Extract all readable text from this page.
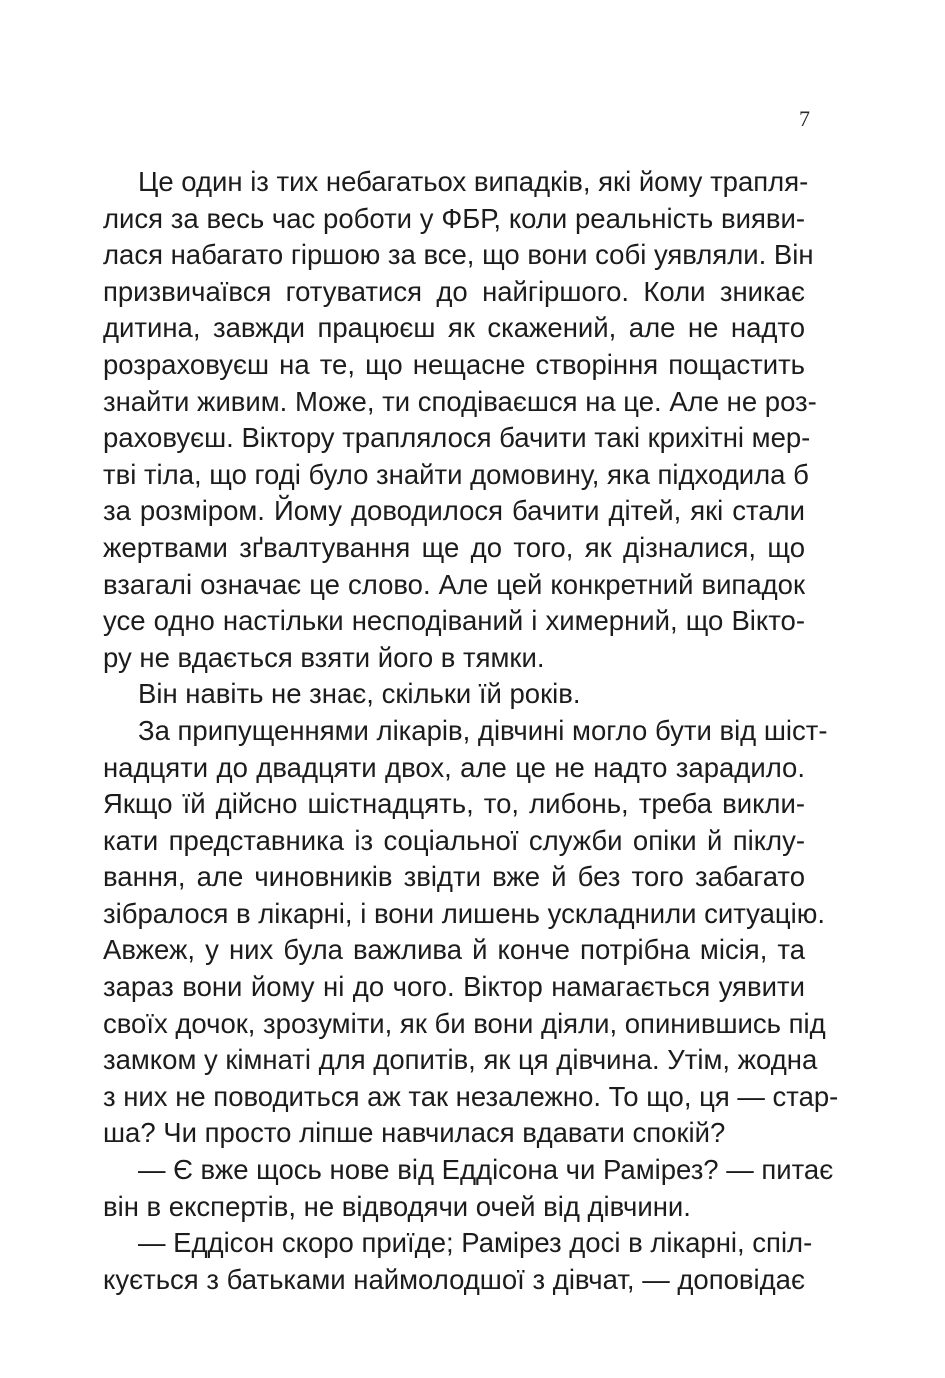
7
Це один із тих небагатьох випадків, які йому трапля-
лися за весь час роботи у ФБР, коли реальність вияви-
лася набагато гіршою за все, що вони собі уявляли. Він
призвичаївся готуватися до найгіршого. Коли зникає
дитина, завжди працюєш як скажений, але не надто
розраховуєш на те, що нещасне створіння пощастить
знайти живим. Може, ти сподіваєшся на це. Але не роз-
раховуєш. Віктору траплялося бачити такі крихітні мер-
тві тіла, що годі було знайти домовину, яка підходила б
за розміром. Йому доводилося бачити дітей, які стали
жертвами зґвалтування ще до того, як дізналися, що
взагалі означає це слово. Але цей конкретний випадок
усе одно настільки несподіваний і химерний, що Вікто-
ру не вдається взяти його в тямки.
Він навіть не знає, скільки їй років.
За припущеннями лікарів, дівчині могло бути від шіст-
надцяти до двадцяти двох, але це не надто зарадило.
Якщо їй дійсно шістнадцять, то, либонь, треба викли-
кати представника із соціальної служби опіки й піклу-
вання, але чиновників звідти вже й без того забагато
зібралося в лікарні, і вони лишень ускладнили ситуацію.
Авжеж, у них була важлива й конче потрібна місія, та
зараз вони йому ні до чого. Віктор намагається уявити
своїх дочок, зрозуміти, як би вони діяли, опинившись під
замком у кімнаті для допитів, як ця дівчина. Утім, жодна
з них не поводиться аж так незалежно. То що, ця — стар-
ша? Чи просто ліпше навчилася вдавати спокій?
— Є вже щось нове від Еддісона чи Рамірез? — питає
він в експертів, не відводячи очей від дівчини.
— Еддісон скоро приїде; Рамірез досі в лікарні, спіл-
кується з батьками наймолодшої з дівчат, — доповідає
